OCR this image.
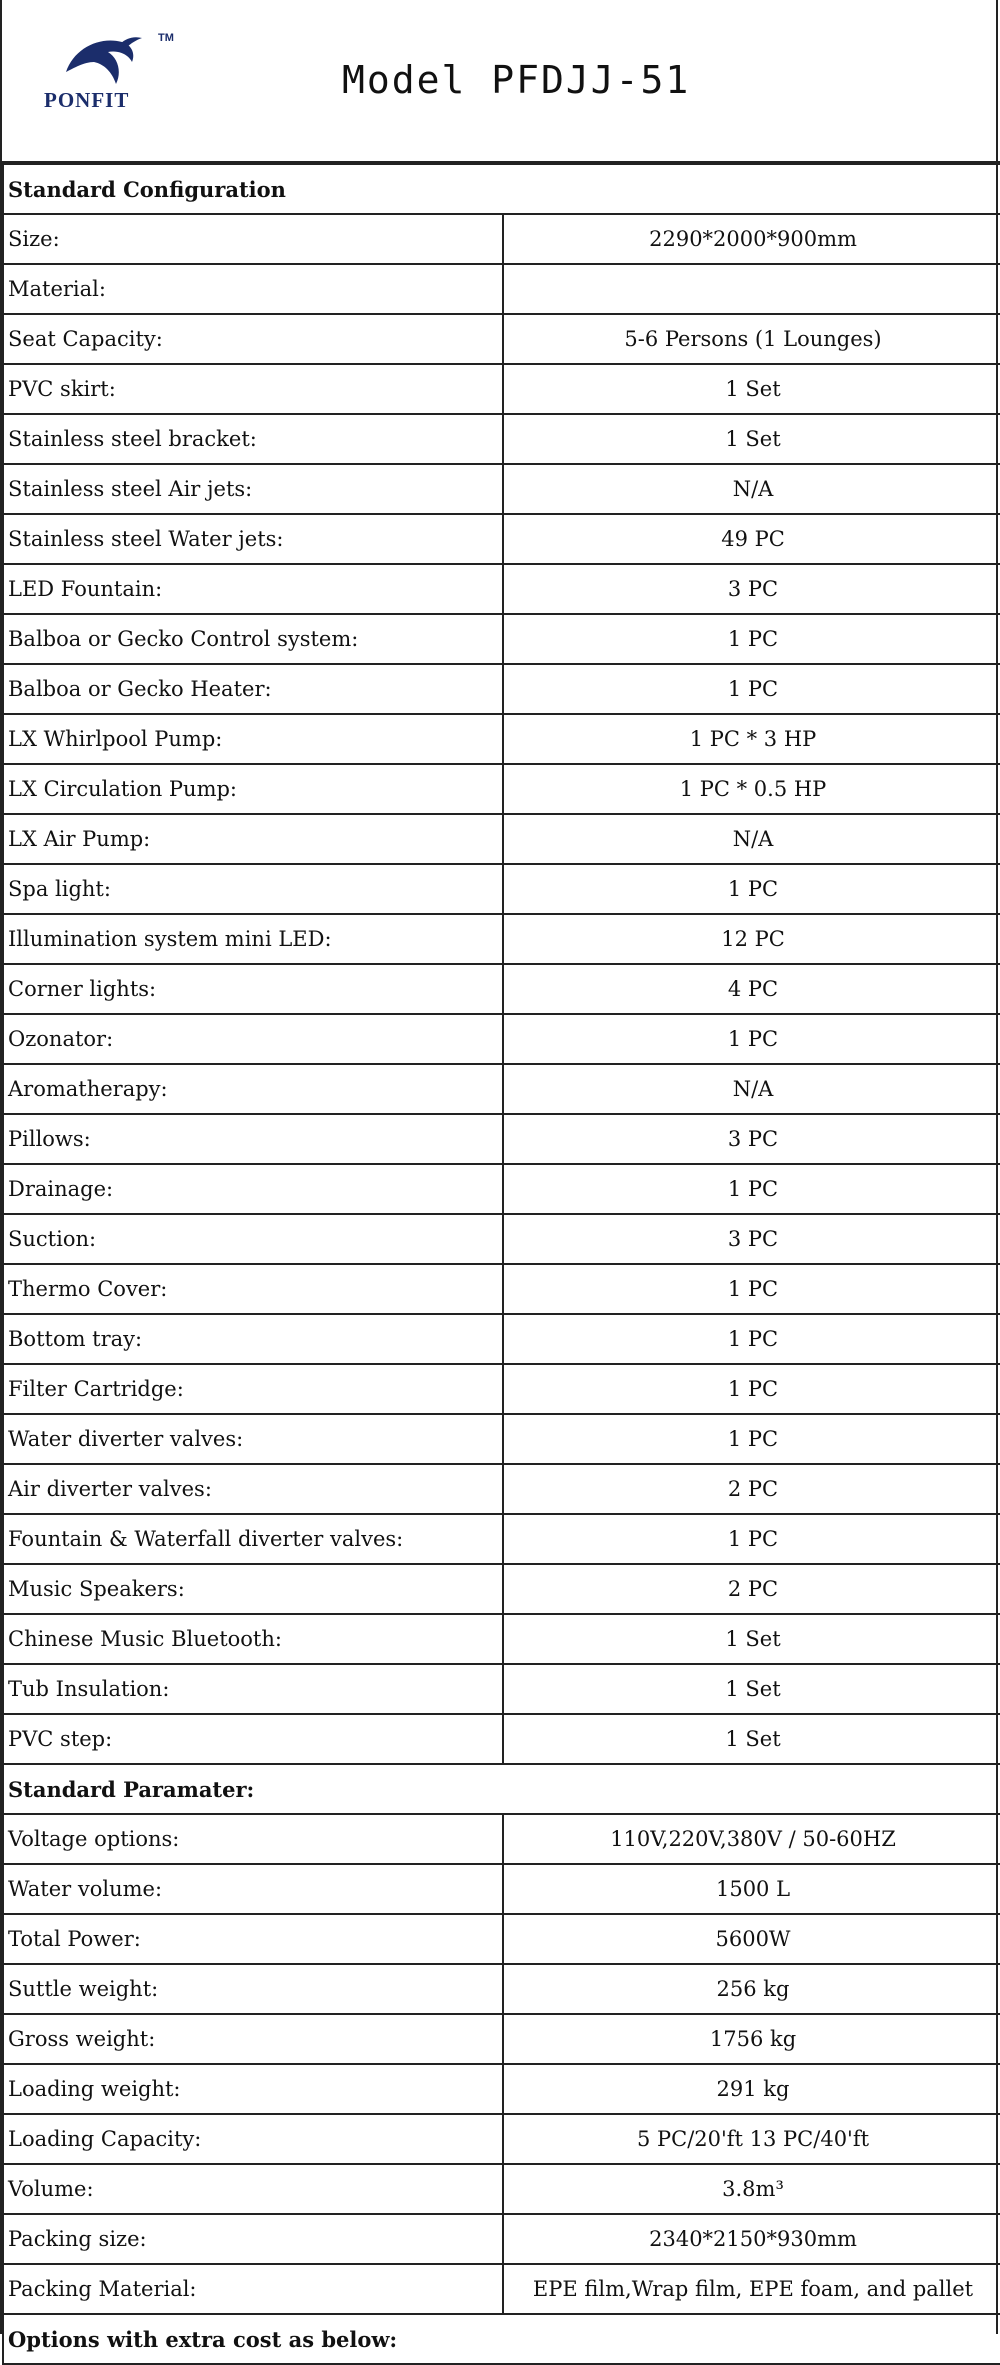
TM
PONFIT	Model PFDJJ-51
Standard Configuration	
Size:	2290*2000*900mm
Material:	
Seat Capacity:	5-6 Persons (1 Lounges)
PVC skirt:	1 Set
Stainless steel bracket:	1 Set
Stainless steel Air jets:	N/A
Stainless steel Water jets:	49 PC
LED Fountain:	3 PC
Balboa or Gecko Control system:	1 PC
Balboa or Gecko Heater:	1 PC
LX Whirlpool Pump:	1 PC * 3 HP
LX Circulation Pump:	1 PC * 0.5 HP
LX Air Pump:	N/A
Spa light:	1 PC
Illumination system mini LED:	12 PC
Corner lights:	4 PC
Ozonator:	1 PC
Aromatherapy:	N/A
Pillows:	3 PC
Drainage:	1 PC
Suction:	3 PC
Thermo Cover:	1 PC
Bottom tray:	1 PC
Filter Cartridge:	1 PC
Water diverter valves:	1 PC
Air diverter valves:	2 PC
Fountain & Waterfall diverter valves:	1 PC
Music Speakers:	2 PC
Chinese Music Bluetooth:	1 Set
Tub Insulation:	1 Set
PVC step:	1 Set
Standard Paramater:	
Voltage options:	110V,220V,380V / 50-60HZ
Water volume:	1500 L
Total Power:	5600W
Suttle weight:	256 kg
Gross weight:	1756 kg
Loading weight:	291 kg
Loading Capacity:	5 PC/20'ft 13 PC/40'ft
Volume:	3.8m³
Packing size:	2340*2150*930mm
Packing Material:	EPE film,Wrap film, EPE foam, and pallet
Options with extra cost as below:	
